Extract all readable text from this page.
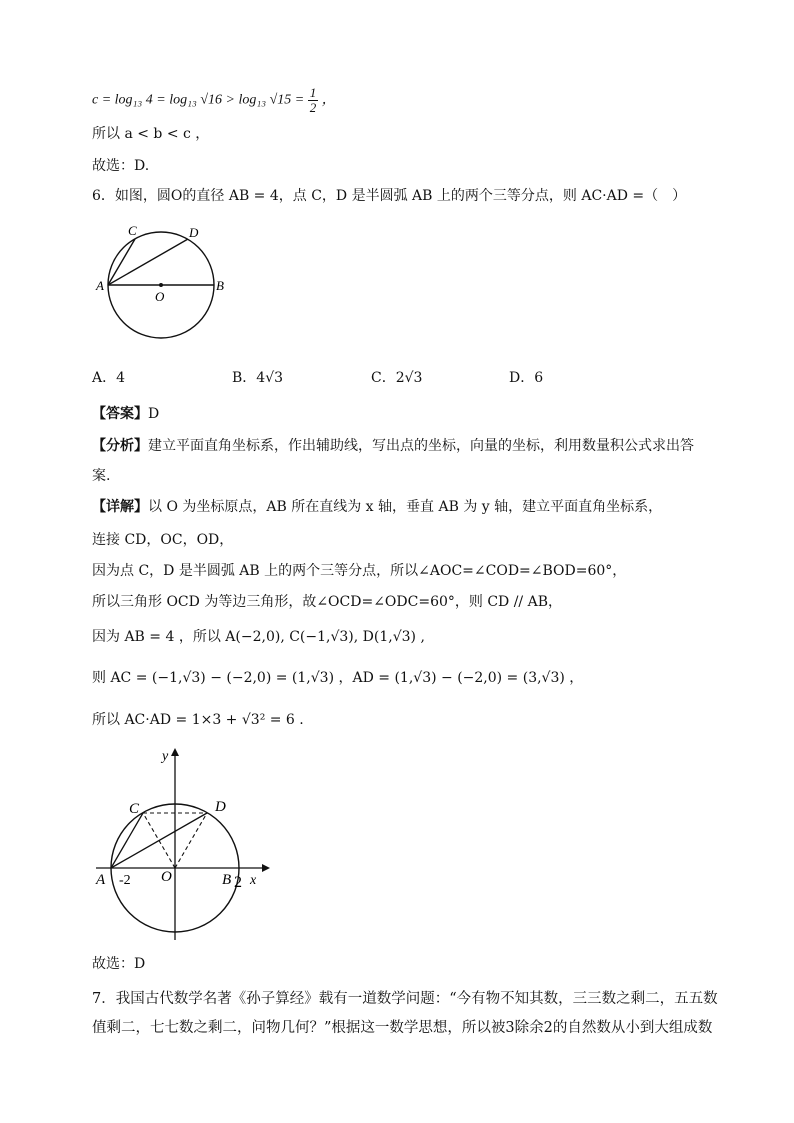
c = log₁₃ 4 = log₁₃ √16 > log₁₃ $√15 = \frac{1}{2}$ ，
所以 a < b < c ，
故选：D.
6．如图，圆O的直径 AB = 4，点 C，D 是半圆弧 AB 上的两个三等分点，则 AC·AD =（　）
C	D
A	B
O
A．4	B．4√3	C．2√3	D．6
【答案】D
【分析】建立平面直角坐标系，作出辅助线，写出点的坐标，向量的坐标，利用数量积公式求出答
案.
【详解】以 O 为坐标原点，AB 所在直线为 x 轴，垂直 AB 为 y 轴，建立平面直角坐标系，
连接 CD，OC，OD，
因为点 C，D 是半圆弧 AB 上的两个三等分点，所以∠AOC=∠COD=∠BOD=60°，
所以三角形 OCD 为等边三角形，故∠OCD=∠ODC=60°，则 CD // AB，
因为 AB = 4 ，所以 A(−2,0), C(−1,√3), D(1,√3) ,
则 AC = (−1,√3) − (−2,0) = (1,√3) ，AD = (1,√3) − (−2,0) = (3,√3) ，
所以 AC·AD = 1×3 + √3² = 6 .
y
x
C	D
A -2 O	B 2
故选：D
7．我国古代数学名著《孙子算经》载有一道数学问题：“今有物不知其数，三三数之剩二，五五数
值剩二，七七数之剩二，问物几何？”根据这一数学思想，所以被3除余2的自然数从小到大组成数
